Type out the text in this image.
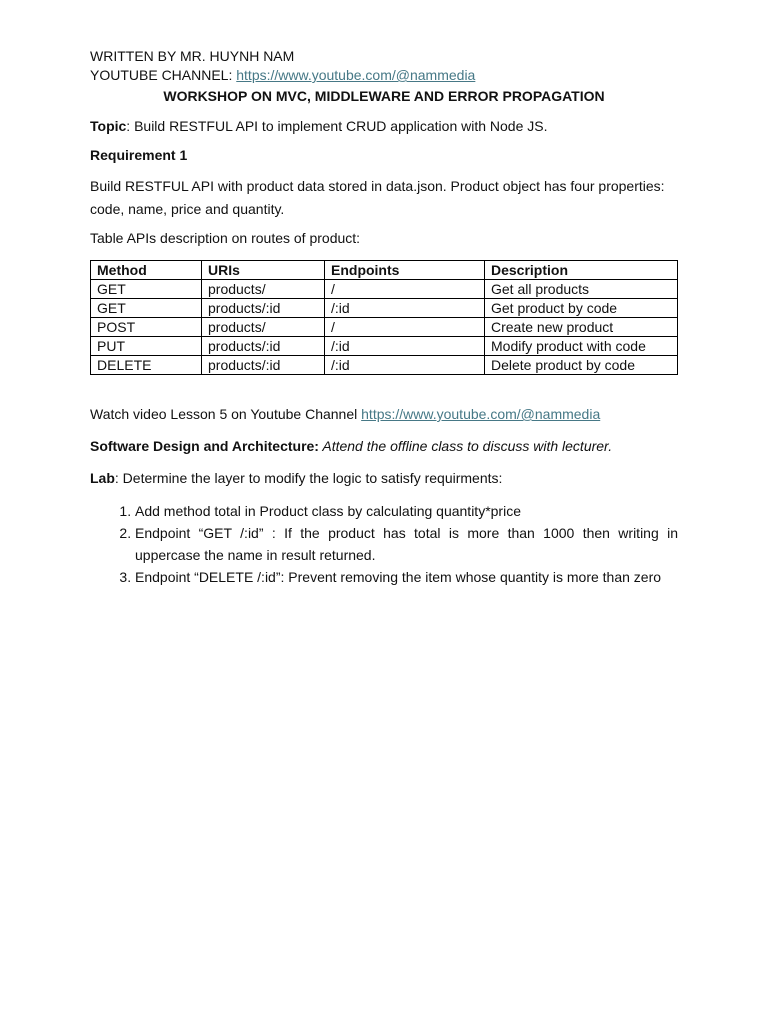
WRITTEN BY MR. HUYNH NAM
YOUTUBE CHANNEL: https://www.youtube.com/@nammedia
WORKSHOP ON MVC, MIDDLEWARE AND ERROR PROPAGATION

Topic: Build RESTFUL API to implement CRUD application with Node JS.

Requirement 1

Build RESTFUL API with product data stored in data.json. Product object has four properties: code, name, price and quantity.

Table APIs description on routes of product:

Method	URIs	Endpoints	Description
GET	products/	/	Get all products
GET	products/:id	/:id	Get product by code
POST	products/	/	Create new product
PUT	products/:id	/:id	Modify product with code
DELETE	products/:id	/:id	Delete product by code

Watch video Lesson 5 on Youtube Channel https://www.youtube.com/@nammedia

Software Design and Architecture: Attend the offline class to discuss with lecturer.

Lab: Determine the layer to modify the logic to satisfy requirments:

1. Add method total in Product class by calculating quantity*price
2. Endpoint “GET /:id” : If the product has total is more than 1000 then writing in uppercase the name in result returned.
3. Endpoint “DELETE /:id”: Prevent removing the item whose quantity is more than zero
